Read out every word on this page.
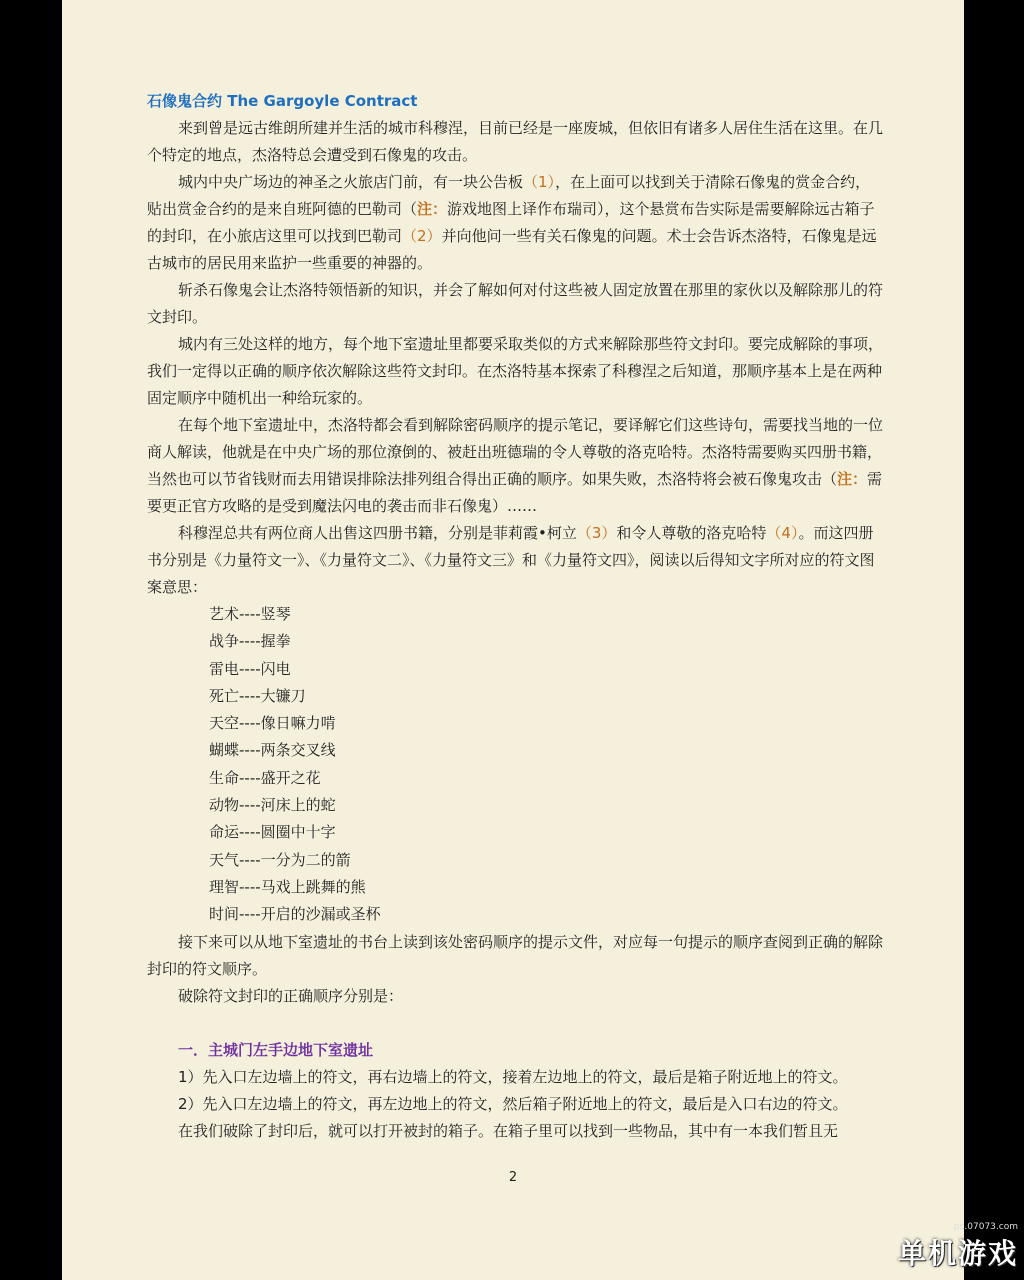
石像鬼合约 The Gargoyle Contract

来到曾是远古维朗所建并生活的城市科穆涅，目前已经是一座废城，但依旧有诸多人居住生活在这里。在几个特定的地点，杰洛特总会遭受到石像鬼的攻击。

城内中央广场边的神圣之火旅店门前，有一块公告板（1），在上面可以找到关于清除石像鬼的赏金合约，贴出赏金合约的是来自班阿德的巴勒司（注：游戏地图上译作布瑞司），这个悬赏布告实际是需要解除远古箱子的封印，在小旅店这里可以找到巴勒司（2）并向他问一些有关石像鬼的问题。术士会告诉杰洛特，石像鬼是远古城市的居民用来监护一些重要的神器的。

斩杀石像鬼会让杰洛特领悟新的知识，并会了解如何对付这些被人固定放置在那里的家伙以及解除那儿的符文封印。

城内有三处这样的地方，每个地下室遗址里都要采取类似的方式来解除那些符文封印。要完成解除的事项，我们一定得以正确的顺序依次解除这些符文封印。在杰洛特基本探索了科穆涅之后知道，那顺序基本上是在两种固定顺序中随机出一种给玩家的。

在每个地下室遗址中，杰洛特都会看到解除密码顺序的提示笔记，要译解它们这些诗句，需要找当地的一位商人解读，他就是在中央广场的那位潦倒的、被赶出班德瑞的令人尊敬的洛克哈特。杰洛特需要购买四册书籍，当然也可以节省钱财而去用错误排除法排列组合得出正确的顺序。如果失败，杰洛特将会被石像鬼攻击（注：需要更正官方攻略的是受到魔法闪电的袭击而非石像鬼）……

科穆涅总共有两位商人出售这四册书籍，分别是菲莉霞•柯立（3）和令人尊敬的洛克哈特（4）。而这四册书分别是《力量符文一》、《力量符文二》、《力量符文三》和《力量符文四》，阅读以后得知文字所对应的符文图案意思：

艺术----竖琴
战争----握拳
雷电----闪电
死亡----大镰刀
天空----像日嘛力啃
蝴蝶----两条交叉线
生命----盛开之花
动物----河床上的蛇
命运----圆圈中十字
天气----一分为二的箭
理智----马戏上跳舞的熊
时间----开启的沙漏或圣杯

接下来可以从地下室遗址的书台上读到该处密码顺序的提示文件，对应每一句提示的顺序查阅到正确的解除封印的符文顺序。

破除符文封印的正确顺序分别是：

一．主城门左手边地下室遗址

1）先入口左边墙上的符文，再右边墙上的符文，接着左边地上的符文，最后是箱子附近地上的符文。

2）先入口左边墙上的符文，再左边地上的符文，然后箱子附近地上的符文，最后是入口右边的符文。

在我们破除了封印后，就可以打开被封的箱子。在箱子里可以找到一些物品，其中有一本我们暂且无

2
pc.07073.com
单机游戏
